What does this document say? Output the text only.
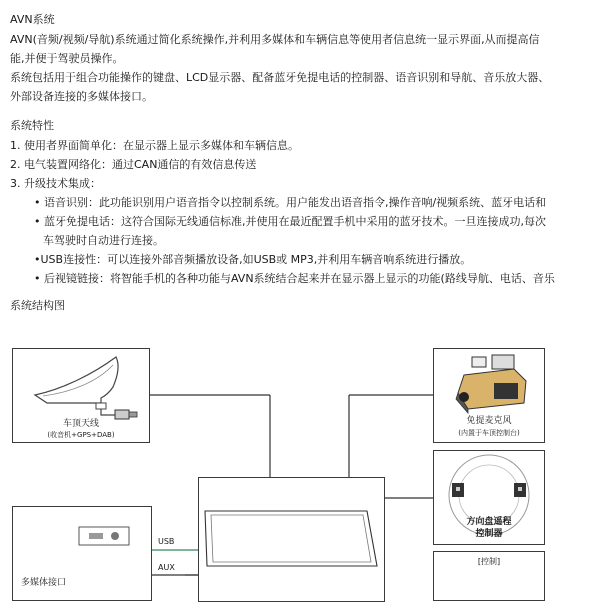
AVN系统
AVN(音频/视频/导航)系统通过简化系统操作,并利用多媒体和车辆信息等使用者信息统一显示界面,从而提高信
能,并便于驾驶员操作。
系统包括用于组合功能操作的键盘、LCD显示器、配备蓝牙免提电话的控制器、语音识别和导航、音乐放大器、
外部设备连接的多媒体接口。
系统特性
1. 使用者界面简单化：在显示器上显示多媒体和车辆信息。
2. 电气装置网络化：通过CAN通信的有效信息传送
3. 升级技术集成：
• 语音识别：此功能识别用户语音指令以控制系统。用户能发出语音指令,操作音响/视频系统、蓝牙电话和
• 蓝牙免提电话：这符合国际无线通信标准,并使用在最近配置手机中采用的蓝牙技术。一旦连接成功,每次
车驾驶时自动进行连接。
•USB连接性：可以连接外部音频播放设备,如USB或 MP3,并利用车辆音响系统进行播放。
• 后视镜链接：将智能手机的各种功能与AVN系统结合起来并在显示器上显示的功能(路线导航、电话、音乐
系统结构图
车顶天线
(收音机+GPS+DAB)
免提麦克风
(内置于车顶控制台)
方向盘遥程
控制器
[控制]
多媒体接口
USB
AUX
